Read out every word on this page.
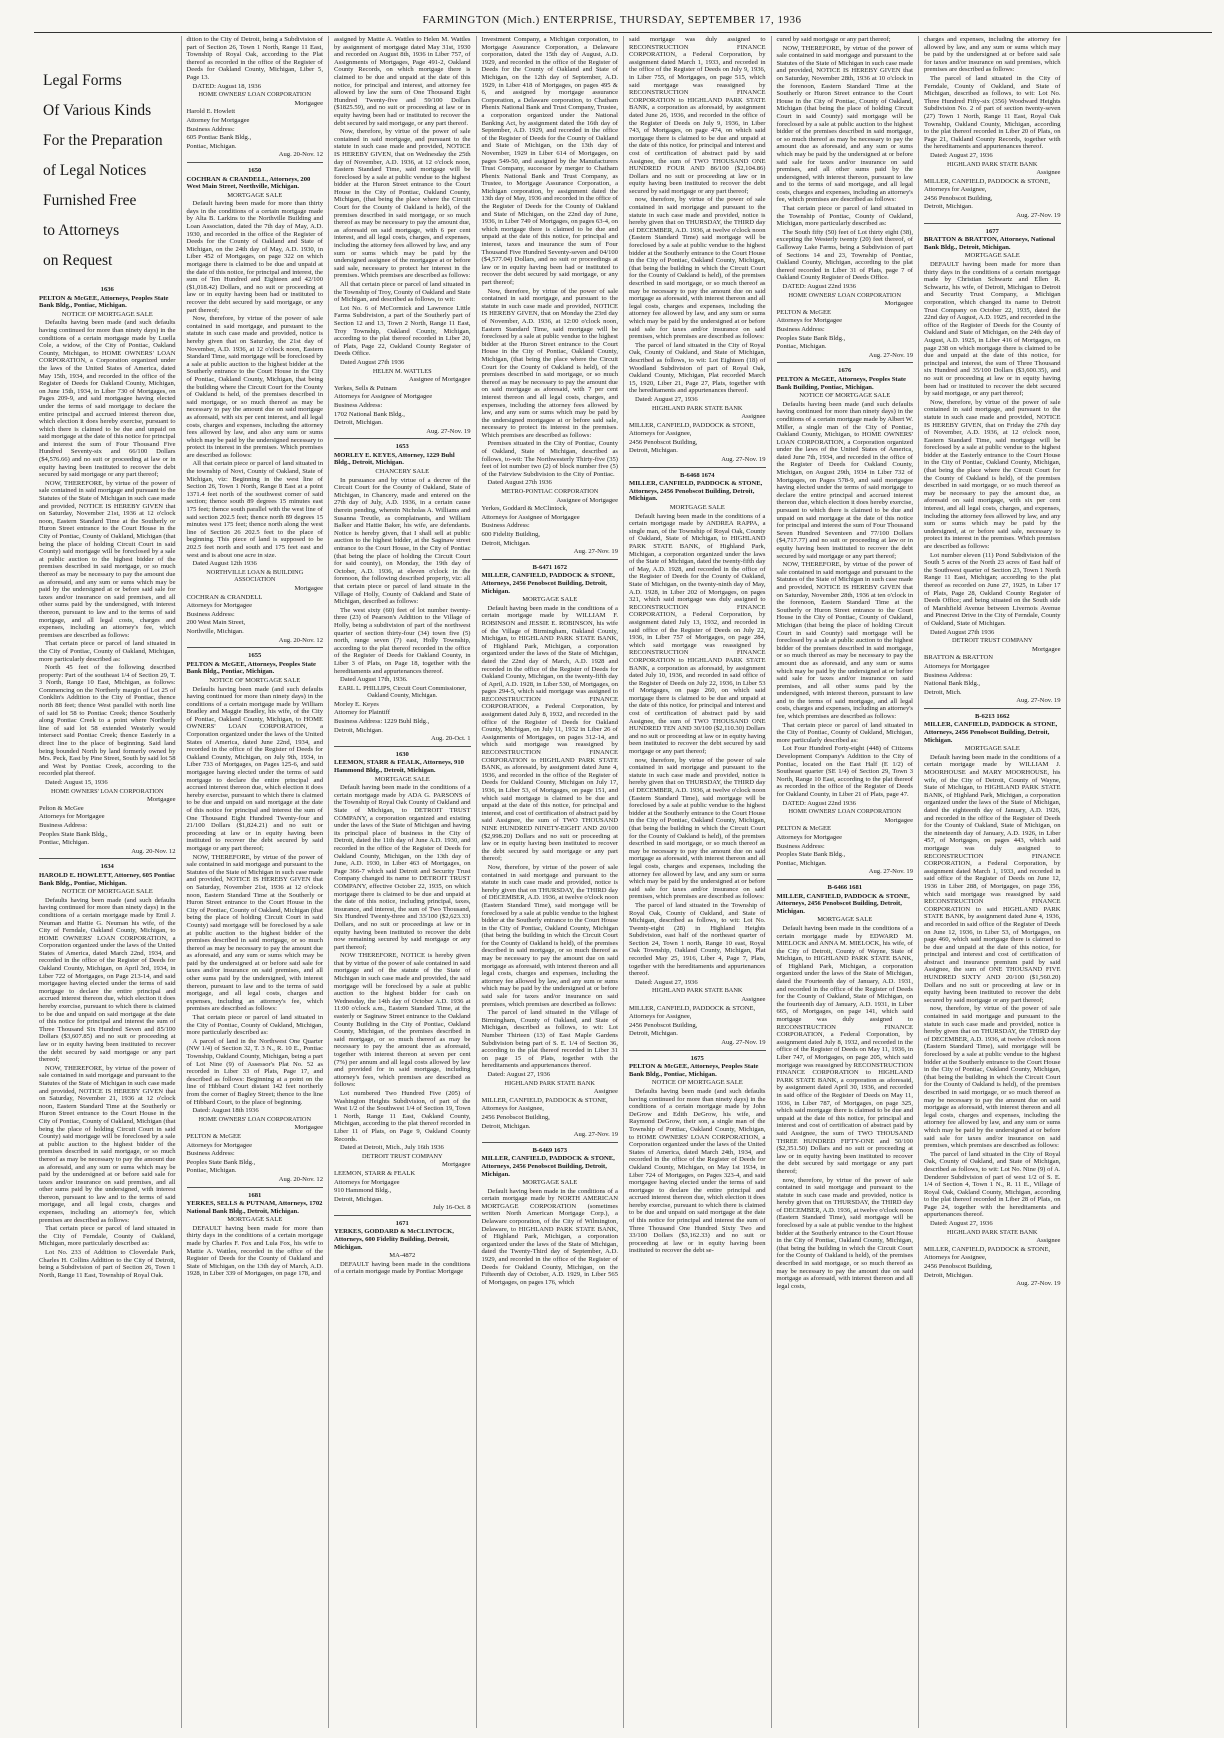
FARMINGTON (Mich.) ENTERPRISE, THURSDAY, SEPTEMBER 17, 1936
Legal Forms
Of Various Kinds
For the Preparation
of Legal Notices
Furnished Free
to Attorneys
on Request

1636

PELTON & McGEE, Attorneys, Peoples State Bank Bldg., Pontiac, Michigan.

NOTICE OF MORTGAGE SALE

Defaults having been made (and such defaults having continued for more than ninety days) in the conditions of a certain mortgage made by Luella Cole, a widow, of the City of Pontiac, Oakland County, Michigan, to HOME OWNERS' LOAN CORPORATION, a Corporation organized under the laws of the United States of America, dated May 15th, 1934, and recorded in the office of the Register of Deeds for Oakland County, Michigan, on June 15th, 1934, in Liber 730 of Mortgages, on Pages 209-9, and said mortgagee having elected under the terms of said mortgage to declare the entire principal and accrued interest thereon due, which election it does hereby exercise, pursuant to which there is claimed to be due and unpaid on said mortgage at the date of this notice for principal and interest the sum of Four Thousand Five Hundred Seventy-six and 66/100 Dollars ($4,576.66) and no suit or proceeding at law or in equity having been instituted to recover the debt secured by said mortgage or any part thereof;

NOW, THEREFORE, by virtue of the power of sale contained in said mortgage and pursuant to the Statutes of the State of Michigan in such case made and provided, NOTICE IS HEREBY GIVEN that on Saturday, November 21st, 1936 at 12 o'clock noon, Eastern Standard Time at the Southerly or Huron Street entrance to the Court House in the City of Pontiac, County of Oakland, Michigan (that being the place of holding Circuit Court in said County) said mortgage will be foreclosed by a sale at public auction to the highest bidder of the premises described in said mortgage, or so much thereof as may be necessary to pay the amount due as aforesaid, and any sum or sums which may be paid by the undersigned at or before said sale for taxes and/or insurance on said premises, and all other sums paid by the undersigned, with interest thereon, pursuant to law and to the terms of said mortgage, and all legal costs, charges and expenses, including an attorney's fee, which premises are described as follows:

That certain piece or parcel of land situated in the City of Pontiac, County of Oakland, Michigan, more particularly described as:

North 45 feet of the following described property: Part of the southeast 1/4 of Section 29, T. 3 North, Range 10 East, Michigan, as follows: Commencing on the Northerly margin of Lot 25 of Conklin's Addition to the City of Pontiac, thence north 88 feet; thence West parallel with north line of said lot 58 to Pontiac Creek; thence Southerly along Pontiac Creek to a point where Northerly line of said lot 58 extended Westerly would intersect said Pontiac Creek; thence Easterly in a direct line to the place of beginning. Said land being bounded North by land formerly owned by Mrs. Peck, East by Pine Street, South by said lot 58 and West by Pontiac Creek, according to the recorded plat thereof.

Dated: August 15, 1936

HOME OWNERS' LOAN CORPORATION

Mortgagee

Pelton & McGee

Attorneys for Mortgagee

Business Address:

Peoples State Bank Bldg.,

Pontiac, Michigan.

Aug. 20-Nov. 12

1634

HAROLD E. HOWLETT, Attorney, 605 Pontiac Bank Bldg., Pontiac, Michigan.

NOTICE OF MORTGAGE SALE

Defaults having been made (and such defaults having continued for more than ninety days) in the conditions of a certain mortgage made by Emil J. Neuman and Hattie G. Neuman his wife, of the City of Ferndale, Oakland County, Michigan, to HOME OWNERS' LOAN CORPORATION, a Corporation organized under the laws of the United States of America, dated March 22nd, 1934, and recorded in the office of the Register of Deeds for Oakland County, Michigan, on April 3rd, 1934, in Liber 722 of Mortgages, on Page 213-14, and said mortgagee having elected under the terms of said mortgage to declare the entire principal and accrued interest thereon due, which election it does hereby exercise, pursuant to which there is claimed to be due and unpaid on said mortgage at the date of this notice for principal and interest the sum of Three Thousand Six Hundred Seven and 85/100 Dollars ($3,607.85) and no suit or proceeding at law or in equity having been instituted to recover the debt secured by said mortgage or any part thereof;

NOW, THEREFORE, by virtue of the power of sale contained in said mortgage and pursuant to the Statutes of the State of Michigan in such case made and provided, NOTICE IS HEREBY GIVEN that on Saturday, November 21, 1936 at 12 o'clock noon, Eastern Standard Time at the Southerly or Huron Street entrance to the Court House in the City of Pontiac, County of Oakland, Michigan (that being the place of holding Circuit Court in said County) said mortgage will be foreclosed by a sale at public auction to the highest bidder of the premises described in said mortgage, or so much thereof as may be necessary to pay the amount due as aforesaid, and any sum or sums which may be paid by the undersigned at or before said sale for taxes and/or insurance on said premises, and all other sums paid by the undersigned, with interest thereon, pursuant to law and to the terms of said mortgage, and all legal costs, charges and expenses, including an attorney's fee, which premises are described as follows:

That certain piece or parcel of land situated in the City of Ferndale, County of Oakland, Michigan, more particularly described as:

Lot No. 233 of Addition to Cloverdale Park, Charles H. Collins Addition to the City of Detroit, being a Subdivision of part of Section 26, Town 1 North, Range 11 East, Township of Royal Oak.

dition to the City of Detroit, being a Subdivision of part of Section 26, Town 1 North, Range 11 East, Township of Royal Oak, according to the Plat thereof as recorded in the office of the Register of Deeds for Oakland County, Michigan, Liber 5, Page 13.

DATED: August 18, 1936

HOME OWNERS' LOAN CORPORATION

Mortgagee

Harold E. Howlett

Attorney for Mortgagee

Business Address:

605 Pontiac Bank Bldg.,

Pontiac, Michigan.

Aug. 20-Nov. 12

1650

COCHRAN & CRANDELL, Attorneys, 200 West Main Street, Northville, Michigan.

MORTGAGE SALE

Default having been made for more than thirty days in the conditions of a certain mortgage made by Alta B. Larkins to the Northville Building and Loan Association, dated the 7th day of May, A.D. 1930, and recorded in the office of the Register of Deeds for the County of Oakland and State of Michigan, on the 24th day of May, A.D. 1930, in Liber 452 of Mortgages, on page 322 on which mortgage there is claimed to be due and unpaid at the date of this notice, for principal and interest, the sum of Ten Hundred and Eighteen and 42/100 ($1,018.42) Dollars, and no suit or proceeding at law or in equity having been had or instituted to recover the debt secured by said mortgage, or any part thereof;

Now, therefore, by virtue of the power of sale contained in said mortgage, and pursuant to the statute in such case made and provided, notice is hereby given that on Saturday, the 21st day of November, A.D. 1936, at 12 o'clock noon, Eastern Standard Time, said mortgage will be foreclosed by a sale at public auction to the highest bidder at the Southerly entrance to the Court House in the City of Pontiac, Oakland County, Michigan, that being the building where the Circuit Court for the County of Oakland is held, of the premises described in said mortgage, or so much thereof as may be necessary to pay the amount due on said mortgage as aforesaid, with six per cent interest, and all legal costs, charges and expenses, including the attorney fees allowed by law, and also any sum or sums which may be paid by the undersigned necessary to protect its interest in the premises. Which premises are described as follows:

All that certain piece or parcel of land situated in the township of Novi, County of Oakland, State of Michigan, viz: Beginning in the west line of Section 26, Town 1 North, Range 8 East at a point 1371.4 feet north of the southwest corner of said section; thence south 89 degrees 15 minutes east 175 feet; thence south parallel with the west line of said section 202.5 feet; thence north 89 degrees 15 minutes west 175 feet; thence north along the west line of Section 26 202.5 feet to the place of beginning. This piece of land is supposed to be 202.5 feet north and south and 175 feet east and west and is about one acre in size.

Dated August 12th 1936

NORTHVILLE LOAN & BUILDING ASSOCIATION

Mortgagee

COCHRAN & CRANDELL

Attorneys for Mortgagee

Business Address:

200 West Main Street,

Northville, Michigan.

Aug. 20-Nov. 12

1655

PELTON & McGEE, Attorneys, Peoples State Bank Bldg., Pontiac, Michigan.

NOTICE OF MORTGAGE SALE

Defaults having been made (and such defaults having continued for more than ninety days) in the conditions of a certain mortgage made by William Bradley and Maggie Bradley, his wife, of the City of Pontiac, Oakland County, Michigan, to HOME OWNERS' LOAN CORPORATION, a Corporation organized under the laws of the United States of America, dated June 22nd, 1934, and recorded in the office of the Register of Deeds for Oakland County, Michigan, on July 9th, 1934, in Liber 733 of Mortgages, on Pages 125-6, and said mortgagee having elected under the terms of said mortgage to declare the entire principal and accrued interest thereon due, which election it does hereby exercise, pursuant to which there is claimed to be due and unpaid on said mortgage at the date of this notice for principal and interest the sum of One Thousand Eight Hundred Twenty-four and 21/100 Dollars ($1,824.21) and no suit or proceeding at law or in equity having been instituted to recover the debt secured by said mortgage or any part thereof;

NOW, THEREFORE, by virtue of the power of sale contained in said mortgage and pursuant to the Statutes of the State of Michigan in such case made and provided, NOTICE IS HEREBY GIVEN that on Saturday, November 21st, 1936 at 12 o'clock noon, Eastern Standard Time at the Southerly or Huron Street entrance to the Court House in the City of Pontiac, County of Oakland, Michigan (that being the place of holding Circuit Court in said County) said mortgage will be foreclosed by a sale at public auction to the highest bidder of the premises described in said mortgage, or so much thereof as may be necessary to pay the amount due as aforesaid, and any sum or sums which may be paid by the undersigned at or before said sale for taxes and/or insurance on said premises, and all other sums paid by the undersigned, with interest thereon, pursuant to law and to the terms of said mortgage, and all legal costs, charges and expenses, including an attorney's fee, which premises are described as follows:

That certain piece or parcel of land situated in the City of Pontiac, County of Oakland, Michigan, more particularly described as:

A parcel of land in the Northwest One Quarter (NW 1/4) of Section 32, T. 3 N., R. 10 E., Pontiac Township, Oakland County, Michigan, being a part of Lot Nine (9) of Assessor's Plat No. 52 as recorded in Liber 33 of Plats, Page 17, and described as follows: Beginning at a point on the line of Hibbard Court distant 142 feet northerly from the corner of Bagley Street; thence to the line of Hibbard Court, to the place of beginning.

Dated: August 18th 1936

HOME OWNERS' LOAN CORPORATION

Mortgagee

PELTON & McGEE

Attorneys for Mortgagee

Business Address:

Peoples State Bank Bldg.,

Pontiac, Michigan.

Aug. 20-Nov. 12

1681

YERKES, SELLS & PUTNAM, Attorneys, 1702 National Bank Bldg., Detroit, Michigan.

MORTGAGE SALE

DEFAULT having been made for more than thirty days in the conditions of a certain mortgage made by Charles F. Fox and Lula Fox, his wife to Mattie A. Wattles, recorded in the office of the Register of Deeds for the County of Oakland and State of Michigan, on the 13th day of March, A.D. 1928, in Liber 339 of Mortgages, on page 178, and

assigned by Mattie A. Wattles to Helen M. Wattles by assignment of mortgage dated May 31st, 1930 and recorded on August 8th, 1936 in Liber 757, of Assignments of Mortgages, Page 491-2, Oakland County Records, on which mortgage there is claimed to be due and unpaid at the date of this notice, for principal and interest, and attorney fee allowed by law the sum of One Thousand Eight Hundred Twenty-five and 59/100 Dollars ($1825.59), and no suit or proceeding at law or in equity having been had or instituted to recover the debt secured by said mortgage, or any part thereof.

Now, therefore, by virtue of the power of sale contained in said mortgage, and pursuant to the statute in such case made and provided, NOTICE IS HEREBY GIVEN, that on Wednesday the 25th day of November, A.D. 1936, at 12 o'clock noon, Eastern Standard Time, said mortgage will be foreclosed by a sale at public vendue to the highest bidder at the Huron Street entrance to the Court House in the City of Pontiac, Oakland County, Michigan, (that being the place where the Circuit Court for the County of Oakland is held), of the premises described in said mortgage, or so much thereof as may be necessary to pay the amount due, as aforesaid on said mortgage, with 6 per cent interest, and all legal costs, charges, and expenses, including the attorney fees allowed by law, and any sum or sums which may be paid by the undersigned assignee of the mortgagee at or before said sale, necessary to protect her interest in the premises. Which premises are described as follows:

All that certain piece or parcel of land situated in the Township of Troy, County of Oakland and State of Michigan, and described as follows, to wit:

Lot No. 6 of McCormick and Lawrence Little Farms Subdivision, a part of the Southerly part of Section 12 and 13, Town 2 North, Range 11 East, Troy Township, Oakland County, Michigan, according to the plat thereof recorded in Liber 20, of Plats, Page 22, Oakland County Register of Deeds Office.

Dated August 27th 1936

HELEN M. WATTLES

Assignee of Mortgagee

Yerkes, Sells & Putnam

Attorneys for Assignee of Mortgagee

Business Address:

1702 National Bank Bldg.,

Detroit, Michigan.

Aug. 27-Nov. 19

1653

MORLEY E. KEYES, Attorney, 1229 Buhl Bldg., Detroit, Michigan.

CHANCERY SALE

In pursuance and by virtue of a decree of the Circuit Court for the County of Oakland, State of Michigan, in Chancery, made and entered on the 27th day of July, A.D. 1936, in a certain cause therein pending, wherein Nicholas A. Williams and Susanna Treutle, as complainants, and William Balker and Hattie Baker, his wife, are defendants. Notice is hereby given, that I shall sell at public auction to the highest bidder, at the Saginaw street entrance to the Court House, in the City of Pontiac (that being the place of holding the Circuit Court for said county), on Monday, the 19th day of October, A.D. 1936, at eleven o'clock in the forenoon, the following described property, viz: all that certain piece or parcel of land situate in the Village of Holly, County of Oakland and State of Michigan, described as follows:

The west sixty (60) feet of lot number twenty-three (23) of Pearson's Addition to the Village of Holly, being a subdivision of part of the northwest quarter of section thirty-four (34) town five (5) north, range seven (7) east, Holly Township, according to the plat thereof recorded in the office of the Register of Deeds for Oakland County, in Liber 3 of Plats, on Page 18, together with the hereditaments and appurtenances thereof.

Dated August 17th, 1936.

EARL L. PHILLIPS, Circuit Court Commissioner, Oakland County, Michigan.

Morley E. Keyes

Attorney for Plaintiff

Business Address: 1229 Buhl Bldg.,

Detroit, Michigan.

Aug. 20-Oct. 1

1630

LEEMON, STARR & FEALK, Attorneys, 910 Hammond Bldg., Detroit, Michigan.

MORTGAGE SALE

Default having been made in the conditions of a certain mortgage made by ADA G. PARSONS of the Township of Royal Oak County of Oakland and State of Michigan, to DETROIT TRUST COMPANY, a corporation organized and existing under the laws of the State of Michigan and having its principal place of business in the City of Detroit, dated the 11th day of June A.D. 1930, and recorded in the office of the Register of Deeds for Oakland County, Michigan, on the 13th day of June, A.D. 1930, in Liber 463 of Mortgages, on Page 366-7 which said Detroit and Security Trust Company changed its name to DETROIT TRUST COMPANY, effective October 22, 1935, on which mortgage there is claimed to be due and unpaid at the date of this notice, including principal, taxes, insurance, and interest, the sum of Two Thousand, Six Hundred Twenty-three and 33/100 ($2,623.33) Dollars, and no suit or proceedings at law or in equity having been instituted to recover the debt now remaining secured by said mortgage or any part thereof;

NOW THEREFORE, NOTICE is hereby given that by virtue of the power of sale contained in said mortgage and of the statute of the State of Michigan in such case made and provided, the said mortgage will be foreclosed by a sale at public auction to the highest bidder for cash on Wednesday, the 14th day of October A.D. 1936 at 11:00 o'clock a.m., Eastern Standard Time, at the easterly or Saginaw Street entrance to the Oakland County Building in the City of Pontiac, Oakland County, Michigan, of the premises described in said mortgage, or so much thereof as may be necessary to pay the amount due as aforesaid, together with interest thereon at seven per cent (7%) per annum and all legal costs allowed by law and provided for in said mortgage, including attorney's fees, which premises are described as follows:

Lot numbered Two Hundred Five (205) of Washington Heights Subdivision, of part of the West 1/2 of the Southwest 1/4 of Section 19, Town 1 North, Range 11 East, Oakland County, Michigan, according to the plat thereof recorded in Liber 11 of Plats, on Page 9, Oakland County Records.

Dated at Detroit, Mich., July 16th 1936

DETROIT TRUST COMPANY

Mortgagee

LEEMON, STARR & FEALK

Attorneys for Mortgagee

910 Hammond Bldg.,

Detroit, Michigan.

July 16-Oct. 8

1671

YERKES, GODDARD & McCLINTOCK, Attorneys, 600 Fidelity Building, Detroit, Michigan.

MA-4872

DEFAULT having been made in the conditions of a certain mortgage made by Pontiac Mortgage

Investment Company, a Michigan corporation, to Mortgage Assurance Corporation, a Delaware corporation, dated the 15th day of August, A.D. 1929, and recorded in the office of the Register of Deeds for the County of Oakland and State of Michigan, on the 12th day of September, A.D. 1929, in Liber 418 of Mortgages, on pages 495 & 6, and assigned by mortgage assurance Corporation, a Delaware corporation, to Chatham Phenix National Bank and Trust Company, Trustee, a corporation organized under the National Banking Act, by assignment dated the 16th day of September, A.D. 1929, and recorded in the office of the Register of Deeds for the County of Oakland and State of Michigan, on the 13th day of November, 1929 in Liber 614 of Mortgages, on pages 549-50, and assigned by the Manufacturers Trust Company, successor by merger to Chatham Phenix National Bank and Trust Company, as Trustee, to Mortgage Assurance Corporation, a Michigan corporation, by assignment dated the 13th day of May, 1936 and recorded in the office of the Register of Deeds for the County of Oakland and State of Michigan, on the 22nd day of June, 1936, in Liber 749 of Mortgages, on pages 63-4, on which mortgage there is claimed to be due and unpaid at the date of this notice, for principal and interest, taxes and insurance the sum of Four Thousand Five Hundred Seventy-seven and 04/100 ($4,577.04) Dollars, and no suit or proceedings at law or in equity having been had or instituted to recover the debt secured by said mortgage, or any part thereof;

Now, therefore, by virtue of the power of sale contained in said mortgage, and pursuant to the statute in such case made and provided, NOTICE IS HEREBY GIVEN, that on Monday the 23rd day of November, A.D. 1936, at 12:00 o'clock noon, Eastern Standard Time, said mortgage will be foreclosed by a sale at public vendue to the highest bidder at the Huron Street entrance to the Court House in the City of Pontiac, Oakland County, Michigan, (that being the place where the Circuit Court for the County of Oakland is held), of the premises described in said mortgage, or so much thereof as may be necessary to pay the amount due on said mortgage as aforesaid, with 7 per cent interest thereon and all legal costs, charges, and expenses, including the attorney fees allowed by law, and any sum or sums which may be paid by the undersigned mortgagee at or before said sale, necessary to protect its interest in the premises. Which premises are described as follows:

Premises situated in the City of Pontiac, County of Oakland, State of Michigan, described as follows, to-wit: The Northwesterly Thirty-five (35) feet of lot number two (2) of block number five (5) of the Fairview Subdivision to the City of Pontiac.

Dated August 27th 1936

METRO-PONTIAC CORPORATION

Assignee of Mortgagee

Yerkes, Goddard & McClintock,

Attorneys for Assignee of Mortgagee

Business Address:

600 Fidelity Building,

Detroit, Michigan.

Aug. 27-Nov. 19

B-6471 1672

MILLER, CANFIELD, PADDOCK & STONE, Attorneys, 2456 Penobscot Building, Detroit, Michigan.

MORTGAGE SALE

Default having been made in the conditions of a certain mortgage made by WILLIAM F. ROBINSON and JESSIE E. ROBINSON, his wife of the Village of Birmingham, Oakland County, Michigan, to HIGHLAND PARK STATE BANK, of Highland Park, Michigan, a corporation organized under the laws of the State of Michigan, dated the 22nd day of March, A.D. 1928 and recorded in the office of the Register of Deeds for Oakland County, Michigan, on the twenty-fifth day of April, A.D. 1928, in Liber 530, of Mortgages, on pages 294-5, which said mortgage was assigned to RECONSTRUCTION FINANCE CORPORATION, a Federal Corporation, by assignment dated July 8, 1932, and recorded in the office of the Register of Deeds for Oakland County, Michigan, on July 11, 1932 in Liber 26 of Assignments of Mortgages, on pages 312-14, and which said mortgage was reassigned by RECONSTRUCTION FINANCE CORPORATION to HIGHLAND PARK STATE BANK, as aforesaid, by assignment dated June 4, 1936, and recorded in the office of the Register of Deeds for Oakland County, Michigan on July 17, 1936, in Liber 53, of Mortgages, on page 151, and which said mortgage is claimed to be due and unpaid at the date of this notice, for principal and interest, and cost of certification of abstract paid by said Assignee, the sum of TWO THOUSAND NINE HUNDRED NINETY-EIGHT AND 20/100 ($2,998.20) Dollars and no suit or proceeding at law or in equity having been instituted to recover the debt secured by said mortgage or any part thereof;

Now, therefore, by virtue of the power of sale contained in said mortgage and pursuant to the statute in such case made and provided, notice is hereby given that on THURSDAY, the THIRD day of DECEMBER, A.D. 1936, at twelve o'clock noon (Eastern Standard Time), said mortgage will be foreclosed by a sale at public vendue to the highest bidder at the Southerly entrance to the Court House in the City of Pontiac, Oakland County, Michigan (that being the building in which the Circuit Court for the County of Oakland is held), of the premises described in said mortgage, or so much thereof as may be necessary to pay the amount due on said mortgage as aforesaid, with interest thereon and all legal costs, charges and expenses, including the attorney fee allowed by law, and any sum or sums which may be paid by the undersigned at or before said sale for taxes and/or insurance on said premises, which premises are described as follows:

The parcel of land situated in the Village of Birmingham, County of Oakland, and State of Michigan, described as follows, to wit: Lot Number Thirteen (13) of East Maple Gardens Subdivision being part of S. E. 1/4 of Section 36, according to the plat thereof recorded in Liber 31 on page 15 of Plats, together with the hereditaments and appurtenances thereof.

Dated: August 27, 1936

HIGHLAND PARK STATE BANK

Assignee

MILLER, CANFIELD, PADDOCK & STONE,

Attorneys for Assignee,

2456 Penobscot Building,

Detroit, Michigan.

Aug. 27-Nov. 19

B-6469 1673

MILLER, CANFIELD, PADDOCK & STONE, Attorneys, 2456 Penobscot Building, Detroit, Michigan.

MORTGAGE SALE

Default having been made in the conditions of a certain mortgage made by NORTH AMERICAN MORTGAGE CORPORATION (sometimes written North American Mortgage Corp.), a Delaware corporation, of the City of Wilmington, Delaware, to HIGHLAND PARK STATE BANK, of Highland Park, Michigan, a corporation organized under the laws of the State of Michigan, dated the Twenty-Third day of September, A.D. 1929, and recorded in the office of the Register of Deeds for Oakland County, Michigan, on the Fifteenth day of October, A.D. 1929, in Liber 565 of Mortgages, on pages 176, which

said mortgage was duly assigned to RECONSTRUCTION FINANCE CORPORATION, a Federal Corporation, by assignment dated March 1, 1933, and recorded in the office of the Register of Deeds on July 9, 1936, in Liber 755, of Mortgages, on page 515, which said mortgage was reassigned by RECONSTRUCTION FINANCE CORPORATION to HIGHLAND PARK STATE BANK, a corporation as aforesaid, by assignment dated June 26, 1936, and recorded in the office of the Register of Deeds on July 9, 1936, in Liber 743, of Mortgages, on page 474, on which said mortgage there is claimed to be due and unpaid at the date of this notice, for principal and interest and cost of certification of abstract paid by said Assignee, the sum of TWO THOUSAND ONE HUNDRED FOUR AND 86/100 ($2,104.86) Dollars and no suit or proceeding at law or in equity having been instituted to recover the debt secured by said mortgage or any part thereof;

now, therefore, by virtue of the power of sale contained in said mortgage and pursuant to the statute in such case made and provided, notice is hereby given that on THURSDAY, the THIRD day of DECEMBER, A.D. 1936, at twelve o'clock noon (Eastern Standard Time) said mortgage will be foreclosed by a sale at public vendue to the highest bidder at the Southerly entrance to the Court House in the City of Pontiac, Oakland County, Michigan, (that being the building in which the Circuit Court for the County of Oakland is held), of the premises described in said mortgage, or so much thereof as may be necessary to pay the amount due on said mortgage as aforesaid, with interest thereon and all legal costs, charges and expenses, including the attorney fee allowed by law, and any sum or sums which may be paid by the undersigned at or before said sale for taxes and/or insurance on said premises, which premises are described as follows:

The parcel of land situated in the City of Royal Oak, County of Oakland, and State of Michigan, described as follows, to wit: Lot Eighteen (18) of Woodland Subdivision of part of Royal Oak, Oakland County, Michigan, Plat recorded March 15, 1920, Liber 21, Page 27, Plats, together with the hereditaments and appurtenances thereof.

Dated: August 27, 1936

HIGHLAND PARK STATE BANK

Assignee

MILLER, CANFIELD, PADDOCK & STONE,

Attorneys for Assignee,

2456 Penobscot Building,

Detroit, Michigan.

Aug. 27-Nov. 19

B-6468 1674

MILLER, CANFIELD, PADDOCK & STONE, Attorneys, 2456 Penobscot Building, Detroit, Michigan.

MORTGAGE SALE

Default having been made in the conditions of a certain mortgage made by ANDREA RAPPA, a single man, of the Township of Royal Oak, County of Oakland, State of Michigan, to HIGHLAND PARK STATE BANK, of Highland Park, Michigan, a corporation organized under the laws of the State of Michigan, dated the twenty-fifth day of May, A.D. 1928, and recorded in the office of the Register of Deeds for the County of Oakland, State of Michigan, on the twenty-ninth day of May, A.D. 1928, in Liber 202 of Mortgages, on pages 321, which said mortgage was duly assigned to RECONSTRUCTION FINANCE CORPORATION, a Federal Corporation, by assignment dated July 13, 1932, and recorded in said office of the Register of Deeds on July 22, 1936, in Liber 757 of Mortgages, on page 284, which said mortgage was reassigned by RECONSTRUCTION FINANCE CORPORATION to HIGHLAND PARK STATE BANK, a corporation as aforesaid, by assignment dated July 10, 1936, and recorded in said office of the Register of Deeds on July 22, 1936, in Liber 53 of Mortgages, on page 260, on which said mortgage there is claimed to be due and unpaid at the date of this notice, for principal and interest and cost of certification of abstract paid by said Assignee, the sum of TWO THOUSAND ONE HUNDRED TEN AND 30/100 ($2,110.30) Dollars and no suit or proceeding at law or in equity having been instituted to recover the debt secured by said mortgage or any part thereof;

now, therefore, by virtue of the power of sale contained in said mortgage and pursuant to the statute in such case made and provided, notice is hereby given that on THURSDAY, the THIRD day of DECEMBER, A.D. 1936, at twelve o'clock noon (Eastern Standard Time), said mortgage will be foreclosed by a sale at public vendue to the highest bidder at the Southerly entrance to the Court House in the City of Pontiac, Oakland County, Michigan, (that being the building in which the Circuit Court for the County of Oakland is held), of the premises described in said mortgage, or so much thereof as may be necessary to pay the amount due on said mortgage as aforesaid, with interest thereon and all legal costs, charges and expenses, including the attorney fee allowed by law, and any sum or sums which may be paid by the undersigned at or before said sale for taxes and/or insurance on said premises, which premises are described as follows:

The parcel of land situated in the Township of Royal Oak, County of Oakland, and State of Michigan, described as follows, to wit: Lot No. Twenty-eight (28) in Highland Heights Subdivision, east half of the northeast quarter of Section 24, Town 1 north, Range 10 east, Royal Oak Township, Oakland County, Michigan, Plat recorded May 25, 1916, Liber 4, Page 7, Plats, together with the hereditaments and appurtenances thereof.

Dated: August 27, 1936

HIGHLAND PARK STATE BANK

Assignee

MILLER, CANFIELD, PADDOCK & STONE,

Attorneys for Assignee,

2456 Penobscot Building,

Detroit, Michigan.

Aug. 27-Nov. 19

1675

PELTON & McGEE, Attorneys, Peoples State Bank Bldg., Pontiac, Michigan.

NOTICE OF MORTGAGE SALE

Defaults having been made (and such defaults having continued for more than ninety days) in the conditions of a certain mortgage made by John DeGrow and Edith DeGrow, his wife, and Raymond DeGrow, their son, a single man of the Township of Pontiac, Oakland County, Michigan, to HOME OWNERS' LOAN CORPORATION, a Corporation organized under the laws of the United States of America, dated March 24th, 1934, and recorded in the office of the Register of Deeds for Oakland County, Michigan, on May 1st 1934, in Liber 724 of Mortgages, on Pages 323-4, and said mortgagee having elected under the terms of said mortgage to declare the entire principal and accrued interest thereon due, which election it does hereby exercise, pursuant to which there is claimed to be due and unpaid on said mortgage at the date of this notice for principal and interest the sum of Three Thousand One Hundred Sixty Two and 33/100 Dollars ($3,162.33) and no suit or proceeding at law or in equity having been instituted to recover the debt se-

cured by said mortgage or any part thereof;

NOW, THEREFORE, by virtue of the power of sale contained in said mortgage and pursuant to the Statutes of the State of Michigan in such case made and provided, NOTICE IS HEREBY GIVEN that on Saturday, November 28th, 1936 at 10 o'clock in the forenoon, Eastern Standard Time at the Southerly or Huron Street entrance to the Court House in the City of Pontiac, County of Oakland, Michigan (that being the place of holding Circuit Court in said County) said mortgage will be foreclosed by a sale at public auction to the highest bidder of the premises described in said mortgage, or so much thereof as may be necessary to pay the amount due as aforesaid, and any sum or sums which may be paid by the undersigned at or before said sale for taxes and/or insurance on said premises, and all other sums paid by the undersigned, with interest thereon, pursuant to law and to the terms of said mortgage, and all legal costs, charges and expenses, including an attorney's fee, which premises are described as follows:

That certain piece or parcel of land situated in the Township of Pontiac, County of Oakland, Michigan, more particularly described as:

The South fifty (50) feet of Lot thirty eight (38), excepting the Westerly twenty (20) feet thereof, of Galloway Lake Farms, being a Subdivision of part of Sections 14 and 23, Township of Pontiac, Oakland County, Michigan, according to the plat thereof recorded in Liber 31 of Plats, page 7 of Oakland County Register of Deeds Office.

DATED: August 22nd 1936

HOME OWNERS' LOAN CORPORATION

Mortgagee

PELTON & McGEE

Attorneys for Mortgagee

Business Address:

Peoples State Bank Bldg.,

Pontiac, Michigan.

Aug. 27-Nov. 19

1676

PELTON & McGEE, Attorneys, Peoples State Bank Building, Pontiac, Michigan.

NOTICE OF MORTGAGE SALE

Defaults having been made (and such defaults having continued for more than ninety days) in the conditions of a certain mortgage made by Albert W. Miller, a single man of the City of Pontiac, Oakland County, Michigan, to HOME OWNERS' LOAN CORPORATION, a Corporation organized under the laws of the United States of America, dated June 7th, 1934, and recorded in the office of the Register of Deeds for Oakland County, Michigan, on August 29th, 1934 in Liber 732 of Mortgages, on Pages 578-9, and said mortgagee having elected under the terms of said mortgage to declare the entire principal and accrued interest thereon due, which election it does hereby exercise, pursuant to which there is claimed to be due and unpaid on said mortgage at the date of this notice for principal and interest the sum of Four Thousand Seven Hundred Seventeen and 77/100 Dollars ($4,717.77) and no suit or proceeding at law or in equity having been instituted to recover the debt secured by said mortgage or any part thereof;

NOW, THEREFORE, by virtue of the power of sale contained in said mortgage and pursuant to the Statutes of the State of Michigan in such case made and provided, NOTICE IS HEREBY GIVEN that on Saturday, November 28th, 1936 at ten o'clock in the forenoon, Eastern Standard Time at the Southerly or Huron Street entrance to the Court House in the City of Pontiac, County of Oakland, Michigan (that being the place of holding Circuit Court in said County) said mortgage will be foreclosed by a sale at public auction to the highest bidder of the premises described in said mortgage, or so much thereof as may be necessary to pay the amount due as aforesaid, and any sum or sums which may be paid by the undersigned at or before said sale for taxes and/or insurance on said premises, and all other sums paid by the undersigned, with interest thereon, pursuant to law and to the terms of said mortgage, and all legal costs, charges and expenses, including an attorney's fee, which premises are described as follows:

That certain piece or parcel of land situated in the City of Pontiac, County of Oakland, Michigan, more particularly described as:

Lot Four Hundred Forty-eight (448) of Citizens Development Company's Addition to the City of Pontiac, located on the East Half (E 1/2) of Southeast quarter (SE 1/4) of Section 29, Town 3 North, Range 10 East, according to the plat thereof as recorded in the office of the Register of Deeds for Oakland County, in Liber 21 of Plats, page 47.

DATED: August 22nd 1936

HOME OWNERS' LOAN CORPORATION

Mortgagee

PELTON & McGEE

Attorneys for Mortgagee

Business Address:

Peoples State Bank Bldg.,

Pontiac, Michigan.

Aug. 27-Nov. 19

B-6466 1681

MILLER, CANFIELD, PADDOCK & STONE, Attorneys, 2456 Penobscot Building, Detroit, Michigan.

MORTGAGE SALE

Default having been made in the conditions of a certain mortgage made by EDWARD M. MIELOCK and ANNA M. MIELOCK, his wife, of the City of Detroit, County of Wayne, State of Michigan, to HIGHLAND PARK STATE BANK, of Highland Park, Michigan, a corporation organized under the laws of the State of Michigan, dated the Fourteenth day of January, A.D. 1931, and recorded in the office of the Register of Deeds for the County of Oakland, State of Michigan, on the fourteenth day of January, A.D. 1931, in Liber 665, of Mortgages, on page 141, which said mortgage was duly assigned to RECONSTRUCTION FINANCE CORPORATION, a Federal Corporation, by assignment dated July 8, 1932, and recorded in the office of the Register of Deeds on May 11, 1936, in Liber 747, of Mortgages, on page 205, which said mortgage was reassigned by RECONSTRUCTION FINANCE CORPORATION to HIGHLAND PARK STATE BANK, a corporation as aforesaid, by assignment dated April 30, 1936, and recorded in said office of the Register of Deeds on May 11, 1936, in Liber 787, of Mortgages, on page 325, which said mortgage there is claimed to be due and unpaid at the date of this notice, for principal and interest and cost of certification of abstract paid by said Assignee, the sum of TWO THOUSAND THREE HUNDRED FIFTY-ONE and 50/100 ($2,351.50) Dollars and no suit or proceeding at law or in equity having been instituted to recover the debt secured by said mortgage or any part thereof;

now, therefore, by virtue of the power of sale contained in said mortgage and pursuant to the statute in such case made and provided, notice is hereby given that on THURSDAY, the THIRD day of DECEMBER, A.D. 1936, at twelve o'clock noon (Eastern Standard Time), said mortgage will be foreclosed by a sale at public vendue to the highest bidder at the Southerly entrance to the Court House in the City of Pontiac, Oakland County, Michigan, (that being the building in which the Circuit Court for the County of Oakland is held), of the premises described in said mortgage, or so much thereof as may be necessary to pay the amount due on said mortgage as aforesaid, with interest thereon and all legal costs,

charges and expenses, including the attorney fee allowed by law, and any sum or sums which may be paid by the undersigned at or before said sale for taxes and/or insurance on said premises, which premises are described as follows:

The parcel of land situated in the City of Ferndale, County of Oakland, and State of Michigan, described as follows, to wit: Lot No. Three Hundred Fifty-six (356) Woodward Heights Subdivision No. 2 of part of section twenty-seven (27) Town 1 North, Range 11 East, Royal Oak Township, Oakland County, Michigan, according to the plat thereof recorded in Liber 20 of Plats, on Page 21, Oakland County Records, together with the hereditaments and appurtenances thereof.

Dated: August 27, 1936

HIGHLAND PARK STATE BANK

Assignee

MILLER, CANFIELD, PADDOCK & STONE,

Attorneys for Assignee,

2456 Penobscot Building,

Detroit, Michigan.

Aug. 27-Nov. 19

1677

BRATTON & BRATTON, Attorneys, National Bank Bldg., Detroit, Michigan.

MORTGAGE SALE

DEFAULT having been made for more than thirty days in the conditions of a certain mortgage made by Christian Schwartz and Ellen R. Schwartz, his wife, of Detroit, Michigan to Detroit and Security Trust Company, a Michigan corporation, which changed its name to Detroit Trust Company on October 22, 1935, dated the 22nd day of August, A.D. 1925, and recorded in the office of the Register of Deeds for the County of Oakland and State of Michigan, on the 24th day of August, A.D. 1925, in Liber 416 of Mortgages, on page 238 on which mortgage there is claimed to be due and unpaid at the date of this notice, for principal and interest, the sum of Three Thousand six Hundred and 35/100 Dollars ($3,600.35), and no suit or proceeding at law or in equity having been had or instituted to recover the debt secured by said mortgage, or any part thereof;

Now, therefore, by virtue of the power of sale contained in said mortgage, and pursuant to the statute in such case made and provided, NOTICE IS HEREBY GIVEN, that on Friday the 27th day of November, A.D. 1936, at 12 o'clock noon, Eastern Standard Time, said mortgage will be foreclosed by a sale at public vendue to the highest bidder at the Easterly entrance to the Court House in the City of Pontiac, Oakland County, Michigan, (that being the place where the Circuit Court for the County of Oakland is held), of the premises described in said mortgage, or so much thereof as may be necessary to pay the amount due, as aforesaid on said mortgage, with six per cent interest, and all legal costs, charges, and expenses, including the attorney fees allowed by law, and any sum or sums which may be paid by the undersigned, at or before said sale, necessary to protect its interest in the premises. Which premises are described as follows:

Lot number eleven (11) Pond Subdivision of the South 5 acres of the North 23 acres of East half of the Southwest quarter of Section 23, Town 1 North Range 11 East, Michigan; according to the plat thereof as recorded on June 27, 1925, in Liber 17 of Plats, Page 28, Oakland County Register of Deeds Office; and being situated on the South side of Marshfield Avenue between Livernois Avenue and Pinecrest Drive in the City of Ferndale, County of Oakland, State of Michigan.

Dated August 27th 1936

DETROIT TRUST COMPANY

Mortgagee

BRATTON & BRATTON

Attorneys for Mortgagee

Business Address:

National Bank Bldg.,

Detroit, Mich.

Aug. 27-Nov. 19

B-6213 1662

MILLER, CANFIELD, PADDOCK & STONE, Attorneys, 2456 Penobscot Building, Detroit, Michigan.

MORTGAGE SALE

Default having been made in the conditions of a certain mortgage made by WILLIAM J. MOORHOUSE and MARY MOORHOUSE, his wife, of the City of Detroit, County of Wayne, State of Michigan, to HIGHLAND PARK STATE BANK, of Highland Park, Michigan, a corporation organized under the laws of the State of Michigan, dated the eighteenth day of January, A.D. 1926, and recorded in the office of the Register of Deeds for the County of Oakland, State of Michigan, on the nineteenth day of January, A.D. 1926, in Liber 457, of Mortgages, on pages 443, which said mortgage was duly assigned to RECONSTRUCTION FINANCE CORPORATION, a Federal Corporation, by assignment dated March 1, 1933, and recorded in said office of the Register of Deeds on June 12, 1936 in Liber 288, of Mortgages, on page 356, which said mortgage was reassigned by said RECONSTRUCTION FINANCE CORPORATION to said HIGHLAND PARK STATE BANK, by assignment dated June 4, 1936, and recorded in said office of the Register of Deeds on June 12, 1936, in Liber 53, of Mortgages, on page 460, which said mortgage there is claimed to be due and unpaid at the date of this notice, for principal and interest and cost of certification of abstract and insurance premium paid by said Assignee, the sum of ONE THOUSAND FIVE HUNDRED SIXTY AND 20/100 ($1,560.20) Dollars and no suit or proceeding at law or in equity having been instituted to recover the debt secured by said mortgage or any part thereof;

now, therefore, by virtue of the power of sale contained in said mortgage and pursuant to the statute in such case made and provided, notice is hereby given that on THURSDAY, the THIRD day of DECEMBER, A.D. 1936, at twelve o'clock noon (Eastern Standard Time), said mortgage will be foreclosed by a sale at public vendue to the highest bidder at the Southerly entrance to the Court House in the City of Pontiac, Oakland County, Michigan, (that being the building in which the Circuit Court for the County of Oakland is held), of the premises described in said mortgage, or so much thereof as may be necessary to pay the amount due on said mortgage as aforesaid, with interest thereon and all legal costs, charges and expenses, including the attorney fee allowed by law, and any sum or sums which may be paid by the undersigned at or before said sale for taxes and/or insurance on said premises, which premises are described as follows:

The parcel of land situated in the City of Royal Oak, County of Oakland, and State of Michigan, described as follows, to wit: Lot No. Nine (9) of A. Denderer Subdivision of part of west 1/2 of S. E. 1/4 of Section 4, Town 1 N., R. 11 E., Village of Royal Oak, Oakland County, Michigan, according to the plat thereof recorded in Liber 28 of Plats, on Page 24, together with the hereditaments and appurtenances thereof.

Dated: August 27, 1936

HIGHLAND PARK STATE BANK

Assignee

MILLER, CANFIELD, PADDOCK & STONE,

Attorneys for Assignee,

2456 Penobscot Building,

Detroit, Michigan.

Aug. 27-Nov. 19
